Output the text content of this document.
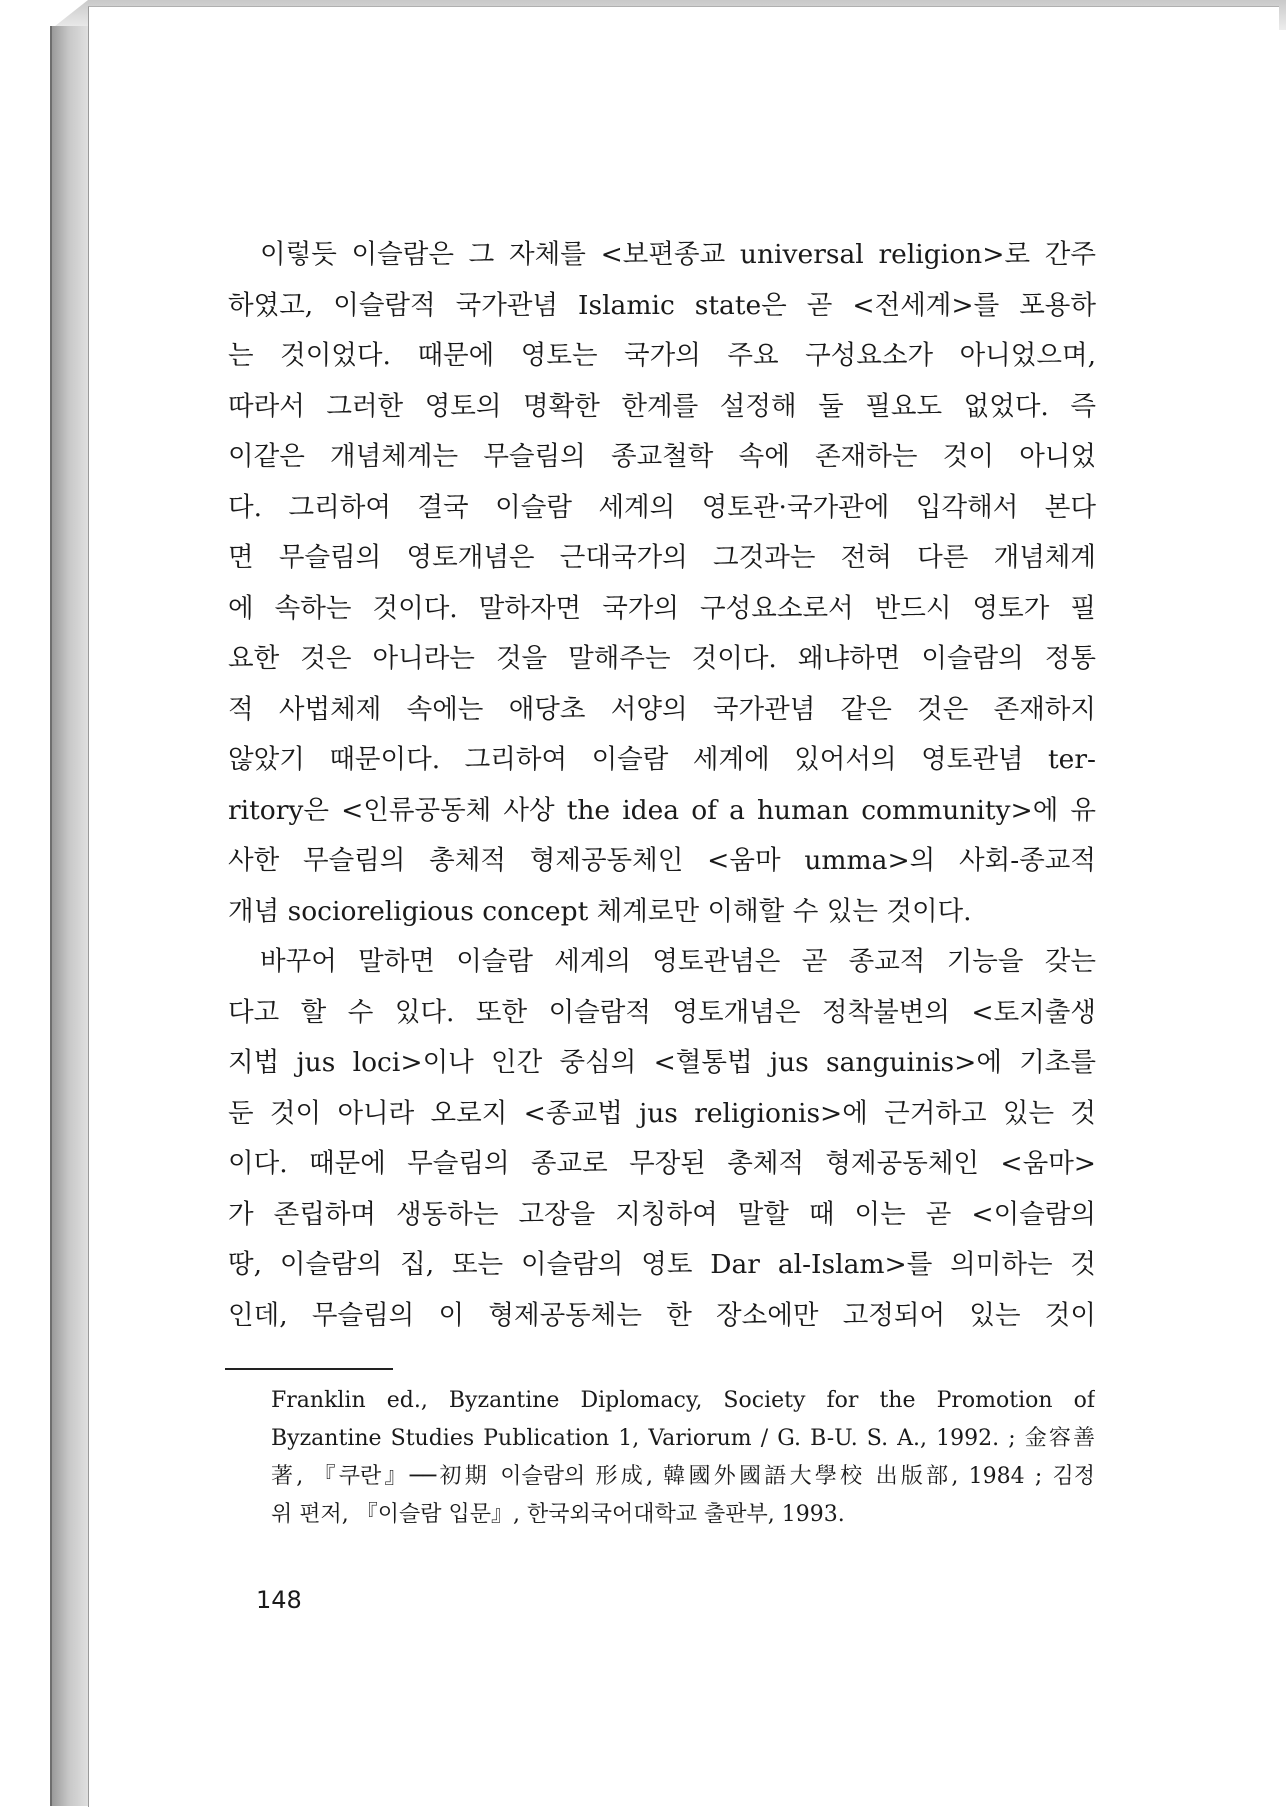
이렇듯 이슬람은 그 자체를 <보편종교 universal religion>로 간주
하였고, 이슬람적 국가관념 Islamic state은 곧 <전세계>를 포용하
는 것이었다. 때문에 영토는 국가의 주요 구성요소가 아니었으며,
따라서 그러한 영토의 명확한 한계를 설정해 둘 필요도 없었다. 즉
이같은 개념체계는 무슬림의 종교철학 속에 존재하는 것이 아니었
다. 그리하여 결국 이슬람 세계의 영토관·국가관에 입각해서 본다
면 무슬림의 영토개념은 근대국가의 그것과는 전혀 다른 개념체계
에 속하는 것이다. 말하자면 국가의 구성요소로서 반드시 영토가 필
요한 것은 아니라는 것을 말해주는 것이다. 왜냐하면 이슬람의 정통
적 사법체제 속에는 애당초 서양의 국가관념 같은 것은 존재하지
않았기 때문이다. 그리하여 이슬람 세계에 있어서의 영토관념 ter-
ritory은 <인류공동체 사상 the idea of a human community>에 유
사한 무슬림의 총체적 형제공동체인 <움마 umma>의 사회-종교적
개념 socioreligious concept 체계로만 이해할 수 있는 것이다.
바꾸어 말하면 이슬람 세계의 영토관념은 곧 종교적 기능을 갖는
다고 할 수 있다. 또한 이슬람적 영토개념은 정착불변의 <토지출생
지법 jus loci>이나 인간 중심의 <혈통법 jus sanguinis>에 기초를
둔 것이 아니라 오로지 <종교법 jus religionis>에 근거하고 있는 것
이다. 때문에 무슬림의 종교로 무장된 총체적 형제공동체인 <움마>
가 존립하며 생동하는 고장을 지칭하여 말할 때 이는 곧 <이슬람의
땅, 이슬람의 집, 또는 이슬람의 영토 Dar al-Islam>를 의미하는 것
인데, 무슬림의 이 형제공동체는 한 장소에만 고정되어 있는 것이
Franklin ed., Byzantine Diplomacy, Society for the Promotion of
Byzantine Studies Publication 1, Variorum / G. B-U. S. A., 1992. ; 金容善
著, 『쿠란』──初期 이슬람의 形成, 韓國外國語大學校 出版部, 1984 ; 김정
위 편저, 『이슬람 입문』, 한국외국어대학교 출판부, 1993.
148
